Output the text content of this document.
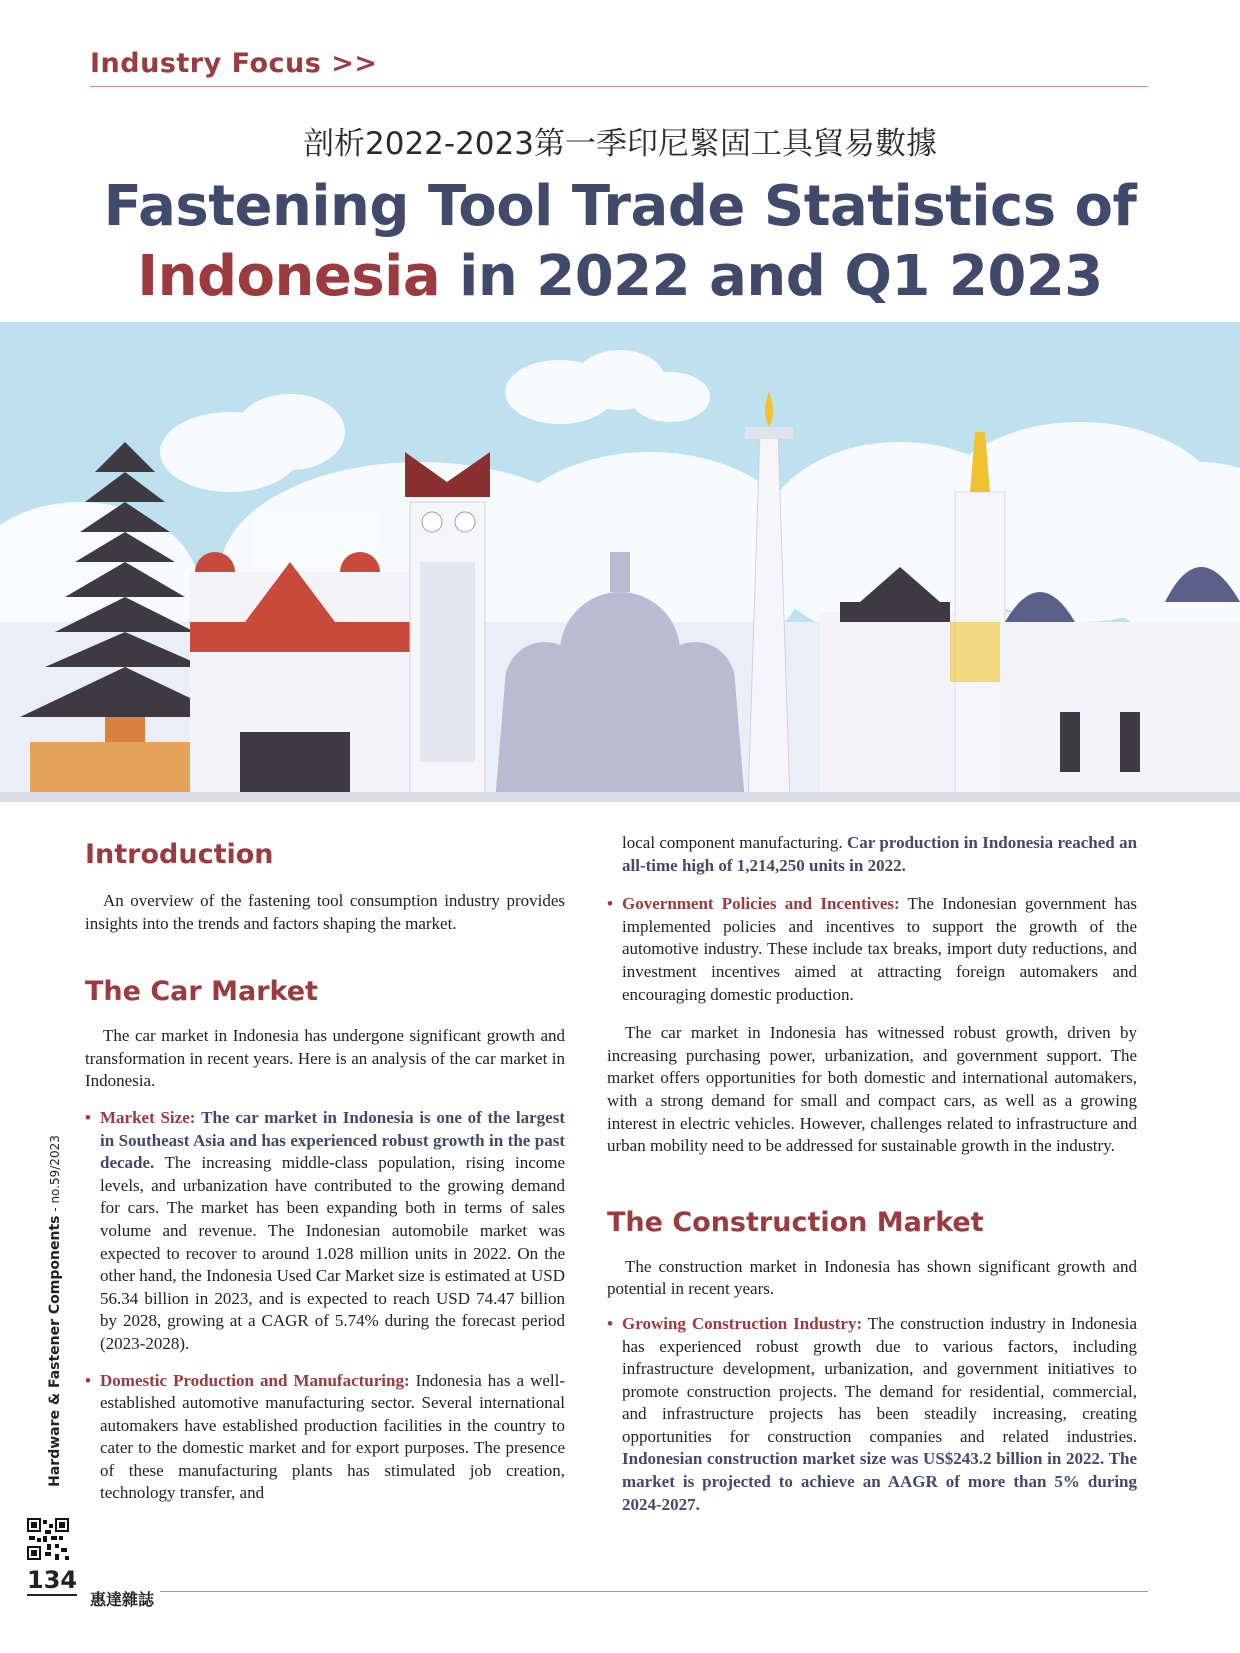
Industry Focus >>
剖析2022-2023第一季印尼緊固工具貿易數據
Fastening Tool Trade Statistics of
Indonesia in 2022 and Q1 2023
Introduction

An overview of the fastening tool consumption industry provides insights into the trends and factors shaping the market.

The Car Market

The car market in Indonesia has undergone significant growth and transformation in recent years. Here is an analysis of the car market in Indonesia.

• Market Size: The car market in Indonesia is one of the largest in Southeast Asia and has experienced robust growth in the past decade. The increasing middle-class population, rising income levels, and urbanization have contributed to the growing demand for cars. The market has been expanding both in terms of sales volume and revenue. The Indonesian automobile market was expected to recover to around 1.028 million units in 2022. On the other hand, the Indonesia Used Car Market size is estimated at USD 56.34 billion in 2023, and is expected to reach USD 74.47 billion by 2028, growing at a CAGR of 5.74% during the forecast period (2023-2028).

• Domestic Production and Manufacturing: Indonesia has a well-established automotive manufacturing sector. Several international automakers have established production facilities in the country to cater to the domestic market and for export purposes. The presence of these manufacturing plants has stimulated job creation, technology transfer, and

local component manufacturing. Car production in Indonesia reached an all-time high of 1,214,250 units in 2022.

• Government Policies and Incentives: The Indonesian government has implemented policies and incentives to support the growth of the automotive industry. These include tax breaks, import duty reductions, and investment incentives aimed at attracting foreign automakers and encouraging domestic production.

The car market in Indonesia has witnessed robust growth, driven by increasing purchasing power, urbanization, and government support. The market offers opportunities for both domestic and international automakers, with a strong demand for small and compact cars, as well as a growing interest in electric vehicles. However, challenges related to infrastructure and urban mobility need to be addressed for sustainable growth in the industry.

The Construction Market

The construction market in Indonesia has shown significant growth and potential in recent years.

• Growing Construction Industry: The construction industry in Indonesia has experienced robust growth due to various factors, including infrastructure development, urbanization, and government initiatives to promote construction projects. The demand for residential, commercial, and infrastructure projects has been steadily increasing, creating opportunities for construction companies and related industries. Indonesian construction market size was US$243.2 billion in 2022. The market is projected to achieve an AAGR of more than 5% during 2024-2027.

Hardware & Fastener Components - no.59/2023
134
惠達雜誌
